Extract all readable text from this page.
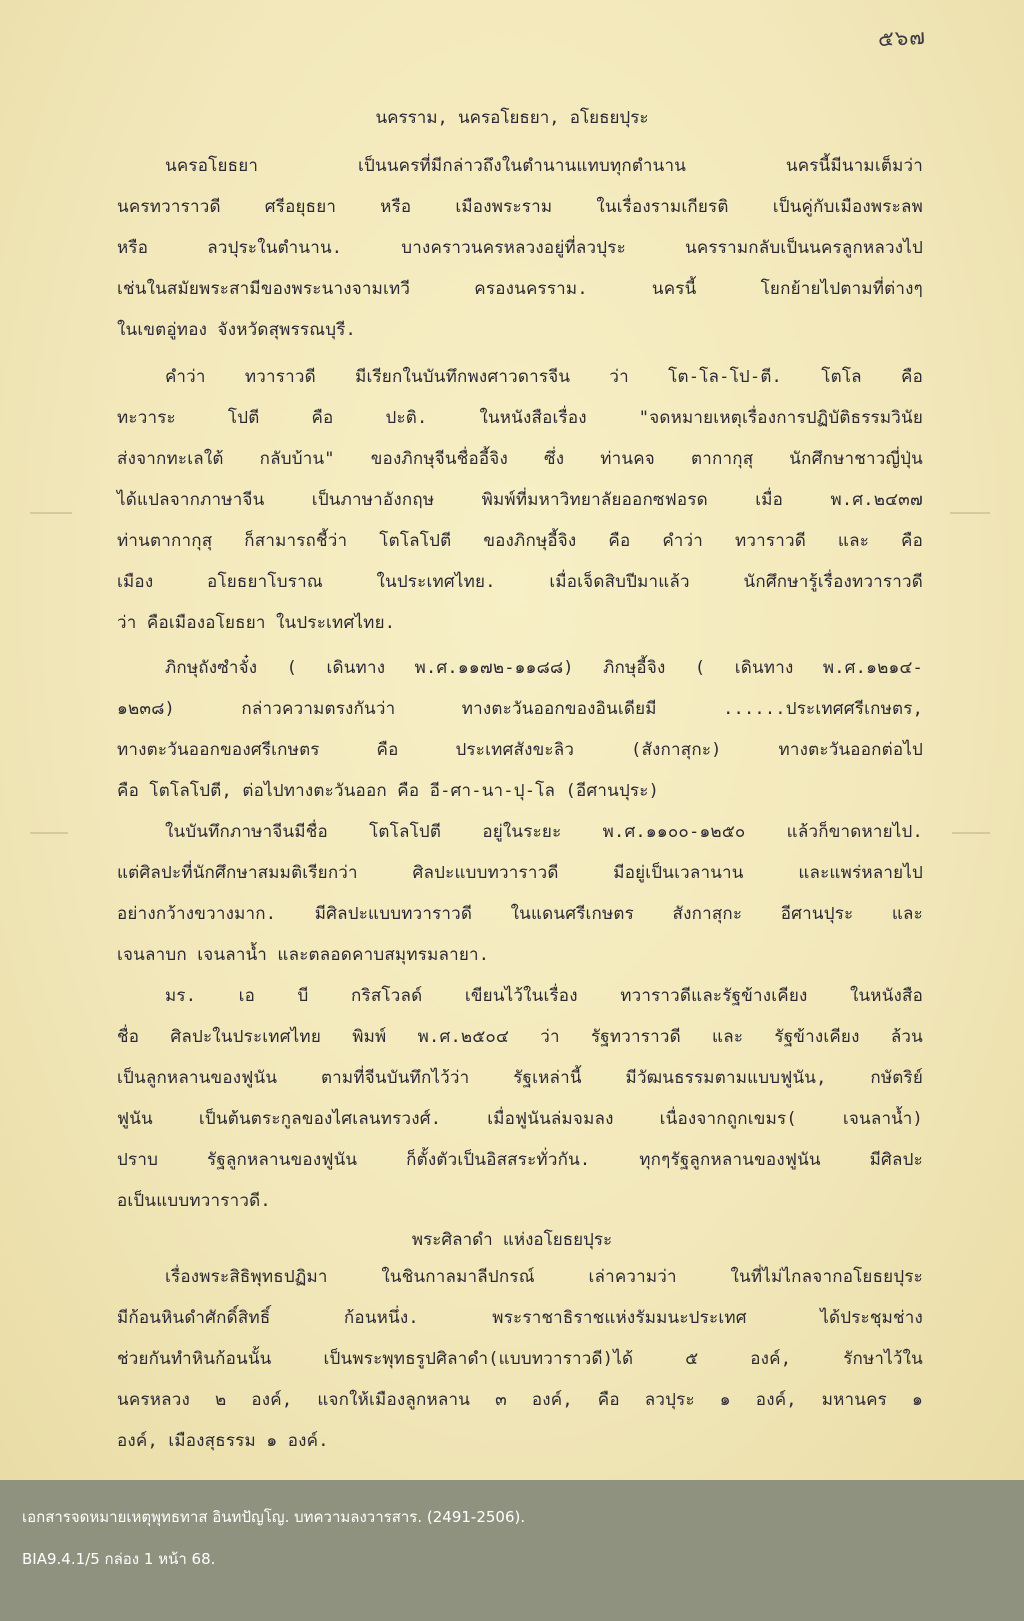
๕๖๗
นครราม, นครอโยธยา, อโยธยปุระ
นครอโยธยา เป็นนครที่มีกล่าวถึงในตำนานแทบทุกตำนาน นครนี้มีนามเต็มว่า
นครทวาราวดี ศรีอยุธยา หรือ เมืองพระราม ในเรื่องรามเกียรติ เป็นคู่กับเมืองพระลพ
หรือ ลวปุระในตำนาน. บางคราวนครหลวงอยู่ที่ลวปุระ นครรามกลับเป็นนครลูกหลวงไป
เช่นในสมัยพระสามีของพระนางจามเทวี ครองนครราม. นครนี้ โยกย้ายไปตามที่ต่างๆ
ในเขตอู่ทอง จังหวัดสุพรรณบุรี.
คำว่า ทวาราวดี มีเรียกในบันทึกพงศาวดารจีน ว่า โต-โล-โป-ตี. โตโล คือ
ทะวาระ โปตี คือ ปะติ. ในหนังสือเรื่อง "จดหมายเหตุเรื่องการปฏิบัติธรรมวินัย
ส่งจากทะเลใต้ กลับบ้าน" ของภิกษุจีนชื่ออี้จิง ซึ่ง ท่านคจ ตากากุสุ นักศึกษาชาวญี่ปุ่น
ได้แปลจากภาษาจีน เป็นภาษาอังกฤษ พิมพ์ที่มหาวิทยาลัยออกซฟอรด เมื่อ พ.ศ.๒๔๓๗
ท่านตากากุสุ ก็สามารถชี้ว่า โตโลโปตี ของภิกษุอี้จิง คือ คำว่า ทวาราวดี และ คือ
เมือง อโยธยาโบราณ ในประเทศไทย. เมื่อเจ็ดสิบปีมาแล้ว นักศึกษารู้เรื่องทวาราวดี
ว่า คือเมืองอโยธยา ในประเทศไทย.
ภิกษุถังซำจั๋ง ( เดินทาง พ.ศ.๑๑๗๒-๑๑๘๘) ภิกษุอี้จิง ( เดินทาง พ.ศ.๑๒๑๔-
๑๒๓๘) กล่าวความตรงกันว่า ทางตะวันออกของอินเดียมี ......ประเทศศรีเกษตร,
ทางตะวันออกของศรีเกษตร คือ ประเทศสังขะลิว (สังกาสุกะ) ทางตะวันออกต่อไป
คือ โตโลโปตี, ต่อไปทางตะวันออก คือ อี-ศา-นา-ปุ-โล (อีศานปุระ)
ในบันทึกภาษาจีนมีชื่อ โตโลโปตี อยู่ในระยะ พ.ศ.๑๑๐๐-๑๒๕๐ แล้วก็ขาดหายไป.
แต่ศิลปะที่นักศึกษาสมมติเรียกว่า ศิลปะแบบทวาราวดี มีอยู่เป็นเวลานาน และแพร่หลายไป
อย่างกว้างขวางมาก. มีศิลปะแบบทวาราวดี ในแดนศรีเกษตร สังกาสุกะ อีศานปุระ และ
เจนลาบก เจนลาน้ำ และตลอดคาบสมุทรมลายา.
มร. เอ บี กริสโวลด์ เขียนไว้ในเรื่อง ทวาราวดีและรัฐข้างเคียง ในหนังสือ
ชื่อ ศิลปะในประเทศไทย พิมพ์ พ.ศ.๒๕๐๔ ว่า รัฐทวาราวดี และ รัฐข้างเคียง ล้วน
เป็นลูกหลานของฟูนัน ตามที่จีนบันทึกไว้ว่า รัฐเหล่านี้ มีวัฒนธรรมตามแบบฟูนัน, กษัตริย์
ฟูนัน เป็นต้นตระกูลของไศเลนทรวงศ์. เมื่อฟูนันล่มจมลง เนื่องจากถูกเขมร( เจนลาน้ำ)
ปราบ รัฐลูกหลานของฟูนัน ก็ตั้งตัวเป็นอิสสระทั่วกัน. ทุกๆรัฐลูกหลานของฟูนัน มีศิลปะ
อเป็นแบบทวาราวดี.
พระศิลาดำ แห่งอโยธยปุระ
เรื่องพระสิธิพุทธปฏิมา ในชินกาลมาลีปกรณ์ เล่าความว่า ในที่ไม่ไกลจากอโยธยปุระ
มีก้อนหินดำศักดิ์สิทธิ์ ก้อนหนึ่ง. พระราชาธิราชแห่งรัมมนะประเทศ ได้ประชุมช่าง
ช่วยกันทำหินก้อนนั้น เป็นพระพุทธรูปศิลาดำ(แบบทวาราวดี)ได้ ๕ องค์, รักษาไว้ใน
นครหลวง ๒ องค์, แจกให้เมืองลูกหลาน ๓ องค์, คือ ลวปุระ ๑ องค์, มหานคร ๑
องค์, เมืองสุธรรม ๑ องค์.
เอกสารจดหมายเหตุพุทธทาส อินทปัญโญ. บทความลงวารสาร. (2491-2506).
BIA9.4.1/5 กล่อง 1 หน้า 68.
